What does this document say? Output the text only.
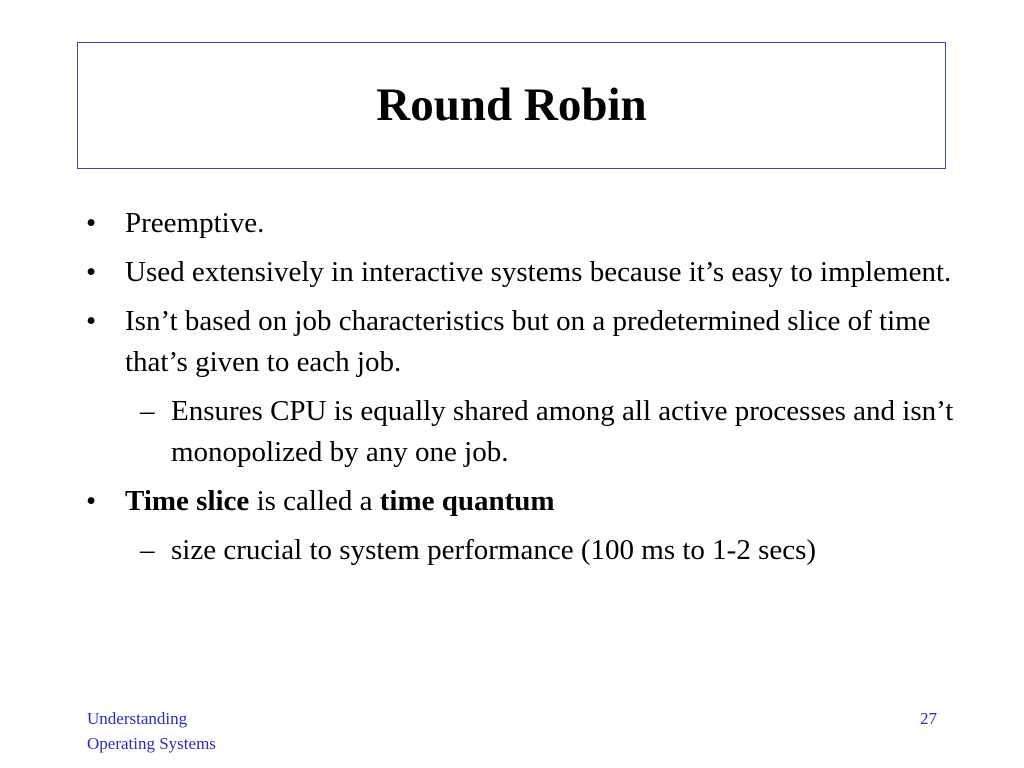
Round Robin
• Preemptive.
• Used extensively in interactive systems because it’s easy to implement.
• Isn’t based on job characteristics but on a predetermined slice of time that’s given to each job.
– Ensures CPU is equally shared among all active processes and isn’t monopolized by any one job.
• Time slice is called a time quantum
– size crucial to system performance (100 ms to 1-2 secs)
Understanding
Operating Systems
27
